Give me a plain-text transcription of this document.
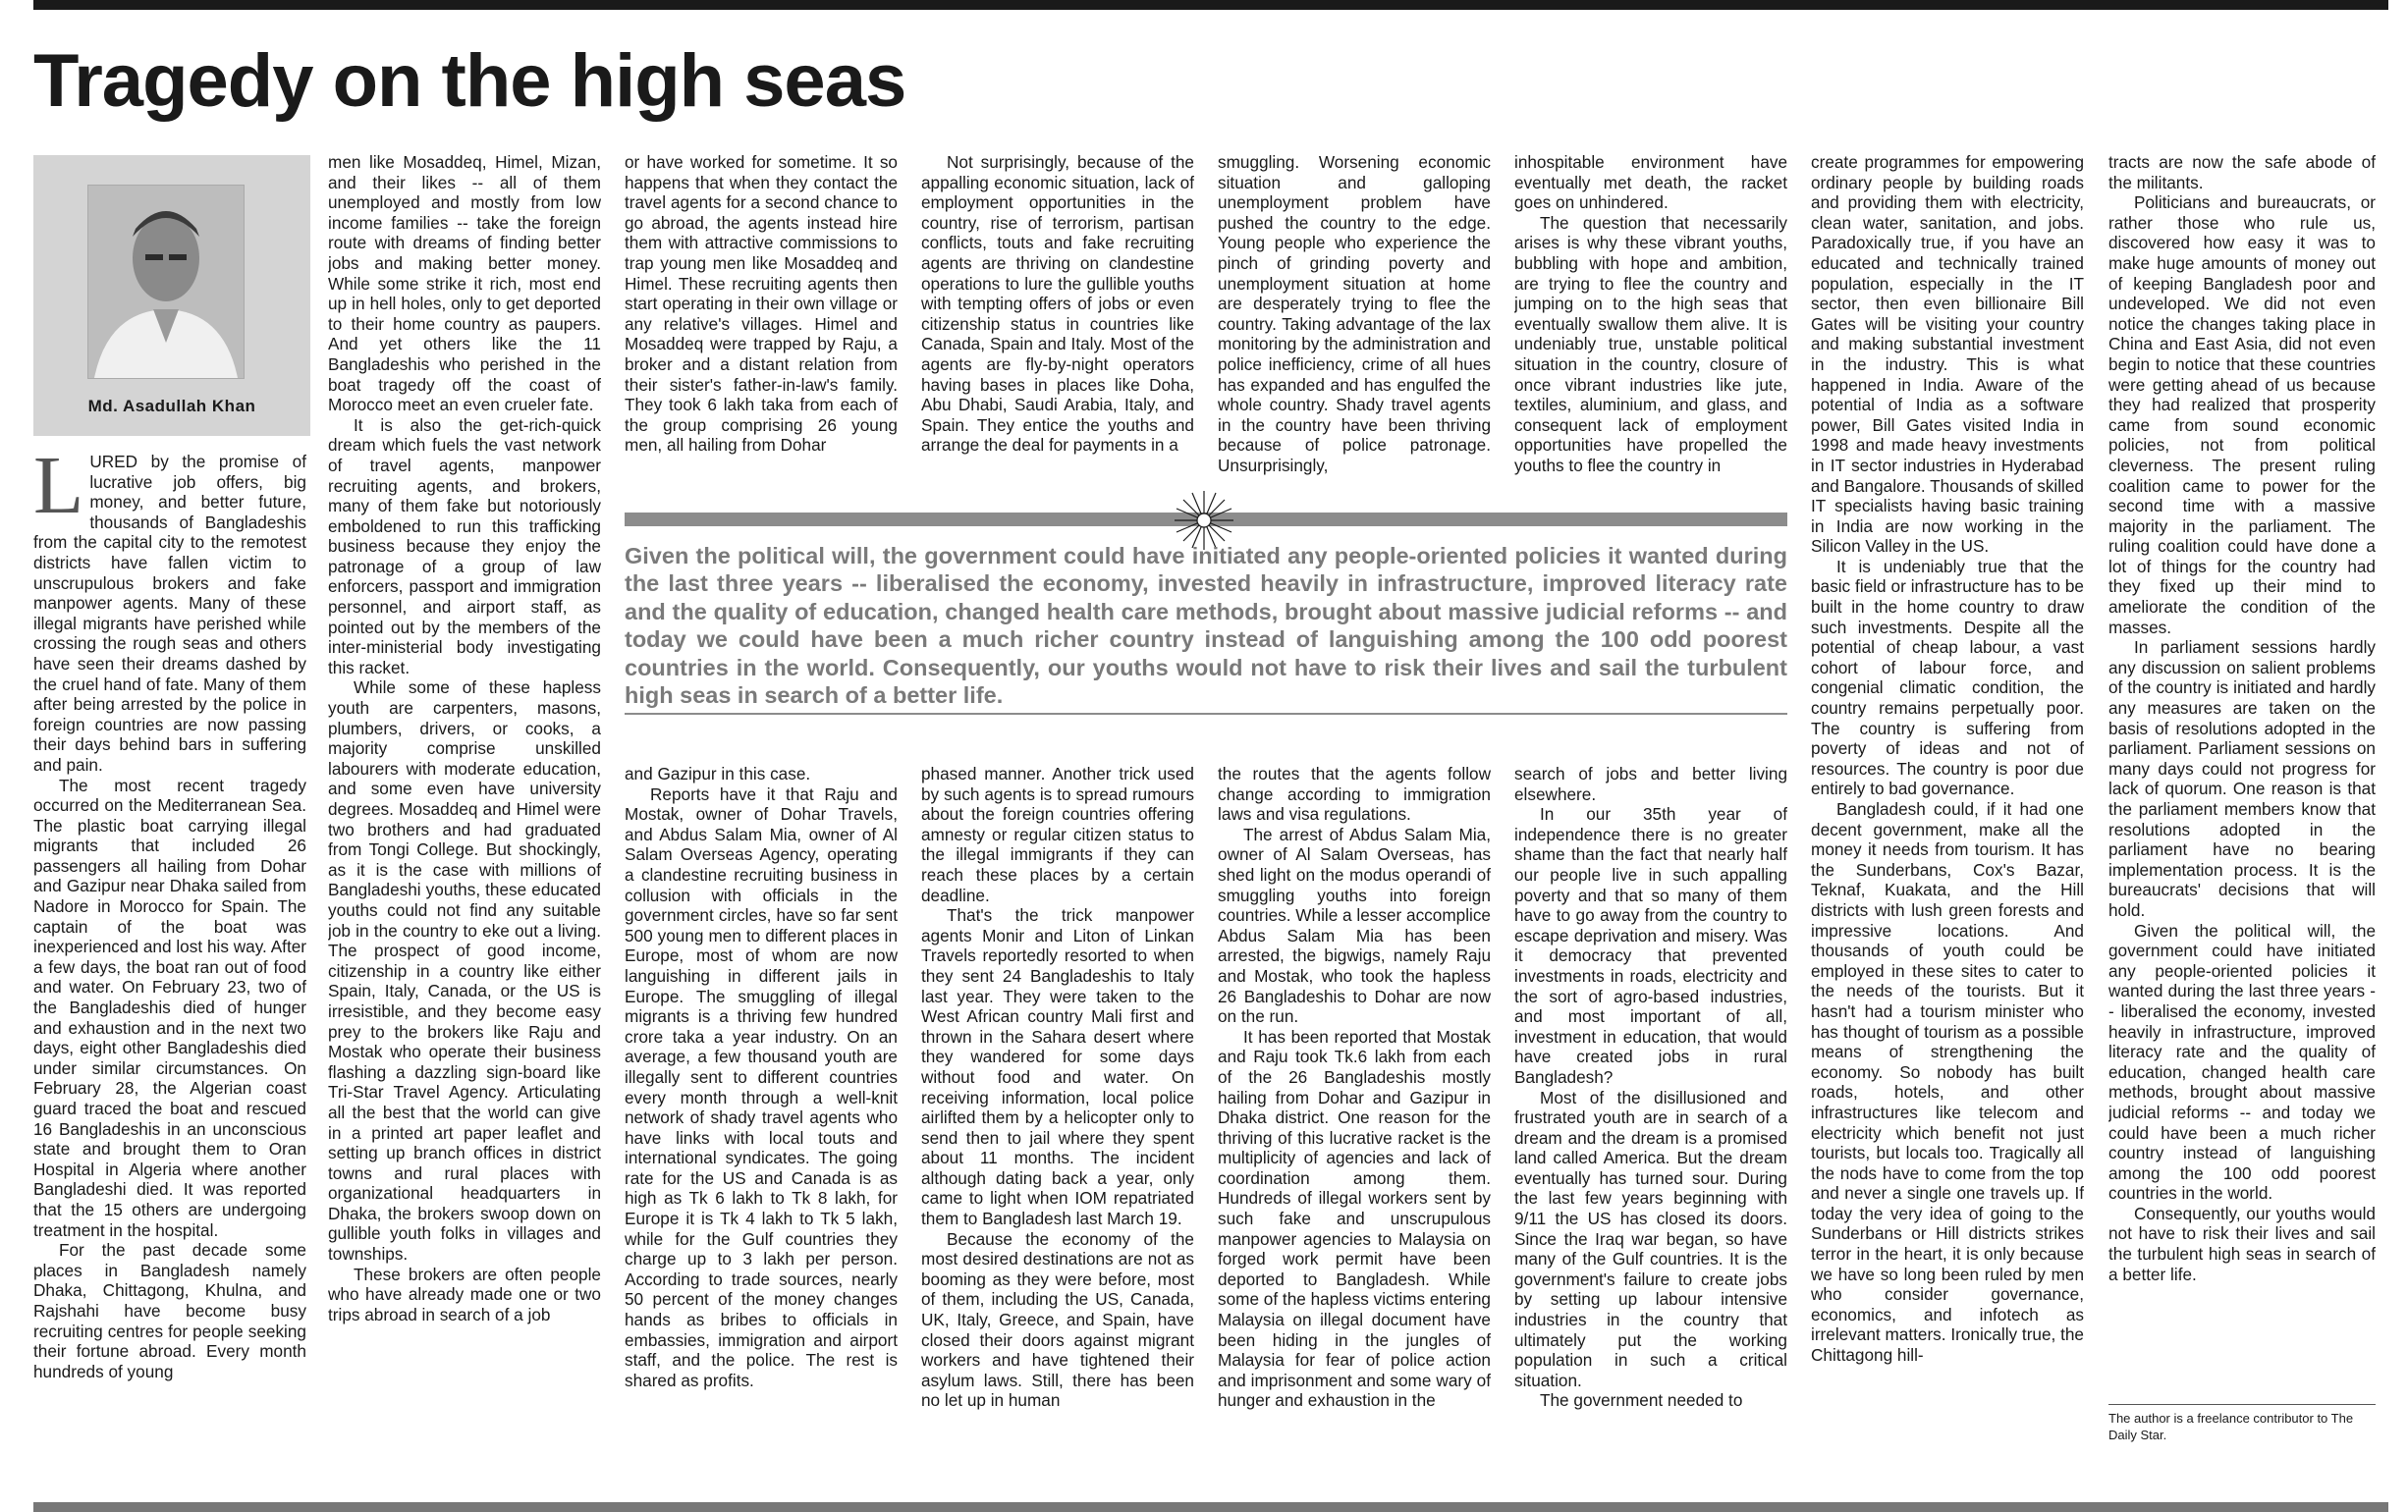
Tragedy on the high seas
Md. Asadullah Khan

LURED by the promise of lucrative job offers, big money, and better future, thousands of Bangladeshis from the capital city to the remotest districts have fallen victim to unscrupulous brokers and fake manpower agents. Many of these illegal migrants have perished while crossing the rough seas and others have seen their dreams dashed by the cruel hand of fate. Many of them after being arrested by the police in foreign countries are now passing their days behind bars in suffering and pain.

The most recent tragedy occurred on the Mediterranean Sea. The plastic boat carrying illegal migrants that included 26 passengers all hailing from Dohar and Gazipur near Dhaka sailed from Nadore in Morocco for Spain. The captain of the boat was inexperienced and lost his way. After a few days, the boat ran out of food and water. On February 23, two of the Bangladeshis died of hunger and exhaustion and in the next two days, eight other Bangladeshis died under similar circumstances. On February 28, the Algerian coast guard traced the boat and rescued 16 Bangladeshis in an unconscious state and brought them to Oran Hospital in Algeria where another Bangladeshi died. It was reported that the 15 others are undergoing treatment in the hospital.

For the past decade some places in Bangladesh namely Dhaka, Chittagong, Khulna, and Rajshahi have become busy recruiting centres for people seeking their fortune abroad. Every month hundreds of young

men like Mosaddeq, Himel, Mizan, and their likes -- all of them unemployed and mostly from low income families -- take the foreign route with dreams of finding better jobs and making better money. While some strike it rich, most end up in hell holes, only to get deported to their home country as paupers. And yet others like the 11 Bangladeshis who perished in the boat tragedy off the coast of Morocco meet an even crueler fate.

It is also the get-rich-quick dream which fuels the vast network of travel agents, manpower recruiting agents, and brokers, many of them fake but notoriously emboldened to run this trafficking business because they enjoy the patronage of a group of law enforcers, passport and immigration personnel, and airport staff, as pointed out by the members of the inter-ministerial body investigating this racket.

While some of these hapless youth are carpenters, masons, plumbers, drivers, or cooks, a majority comprise unskilled labourers with moderate education, and some even have university degrees. Mosaddeq and Himel were two brothers and had graduated from Tongi College. But shockingly, as it is the case with millions of Bangladeshi youths, these educated youths could not find any suitable job in the country to eke out a living. The prospect of good income, citizenship in a country like either Spain, Italy, Canada, or the US is irresistible, and they become easy prey to the brokers like Raju and Mostak who operate their business flashing a dazzling sign-board like Tri-Star Travel Agency. Articulating all the best that the world can give in a printed art paper leaflet and setting up branch offices in district towns and rural places with organizational headquarters in Dhaka, the brokers swoop down on gullible youth folks in villages and townships.

These brokers are often people who have already made one or two trips abroad in search of a job

or have worked for sometime. It so happens that when they contact the travel agents for a second chance to go abroad, the agents instead hire them with attractive commissions to trap young men like Mosaddeq and Himel. These recruiting agents then start operating in their own village or any relative's villages. Himel and Mosaddeq were trapped by Raju, a broker and a distant relation from their sister's father-in-law's family. They took 6 lakh taka from each of the group comprising 26 young men, all hailing from Dohar

Not surprisingly, because of the appalling economic situation, lack of employment opportunities in the country, rise of terrorism, partisan conflicts, touts and fake recruiting agents are thriving on clandestine operations to lure the gullible youths with tempting offers of jobs or even citizenship status in countries like Canada, Spain and Italy. Most of the agents are fly-by-night operators having bases in places like Doha, Abu Dhabi, Saudi Arabia, Italy, and Spain. They entice the youths and arrange the deal for payments in a

smuggling. Worsening economic situation and galloping unemployment problem have pushed the country to the edge. Young people who experience the pinch of grinding poverty and unemployment situation at home are desperately trying to flee the country. Taking advantage of the lax monitoring by the administration and police inefficiency, crime of all hues has expanded and has engulfed the whole country. Shady travel agents in the country have been thriving because of police patronage. Unsurprisingly,

inhospitable environment have eventually met death, the racket goes on unhindered.

The question that necessarily arises is why these vibrant youths, bubbling with hope and ambition, are trying to flee the country and jumping on to the high seas that eventually swallow them alive. It is undeniably true, unstable political situation in the country, closure of once vibrant industries like jute, textiles, aluminium, and glass, and consequent lack of employment opportunities have propelled the youths to flee the country in

Given the political will, the government could have initiated any people-oriented policies it wanted during the last three years -- liberalised the economy, invested heavily in infrastructure, improved literacy rate and the quality of education, changed health care methods, brought about massive judicial reforms -- and today we could have been a much richer country instead of languishing among the 100 odd poorest countries in the world. Consequently, our youths would not have to risk their lives and sail the turbulent high seas in search of a better life.

and Gazipur in this case.

Reports have it that Raju and Mostak, owner of Dohar Travels, and Abdus Salam Mia, owner of Al Salam Overseas Agency, operating a clandestine recruiting business in collusion with officials in the government circles, have so far sent 500 young men to different places in Europe, most of whom are now languishing in different jails in Europe. The smuggling of illegal migrants is a thriving few hundred crore taka a year industry. On an average, a few thousand youth are illegally sent to different countries every month through a well-knit network of shady travel agents who have links with local touts and international syndicates. The going rate for the US and Canada is as high as Tk 6 lakh to Tk 8 lakh, for Europe it is Tk 4 lakh to Tk 5 lakh, while for the Gulf countries they charge up to 3 lakh per person. According to trade sources, nearly 50 percent of the money changes hands as bribes to officials in embassies, immigration and airport staff, and the police. The rest is shared as profits.

phased manner. Another trick used by such agents is to spread rumours about the foreign countries offering amnesty or regular citizen status to the illegal immigrants if they can reach these places by a certain deadline.

That's the trick manpower agents Monir and Liton of Linkan Travels reportedly resorted to when they sent 24 Bangladeshis to Italy last year. They were taken to the West African country Mali first and thrown in the Sahara desert where they wandered for some days without food and water. On receiving information, local police airlifted them by a helicopter only to send then to jail where they spent about 11 months. The incident although dating back a year, only came to light when IOM repatriated them to Bangladesh last March 19.

Because the economy of the most desired destinations are not as booming as they were before, most of them, including the US, Canada, UK, Italy, Greece, and Spain, have closed their doors against migrant workers and have tightened their asylum laws. Still, there has been no let up in human

the routes that the agents follow change according to immigration laws and visa regulations.

The arrest of Abdus Salam Mia, owner of Al Salam Overseas, has shed light on the modus operandi of smuggling youths into foreign countries. While a lesser accomplice Abdus Salam Mia has been arrested, the bigwigs, namely Raju and Mostak, who took the hapless 26 Bangladeshis to Dohar are now on the run.

It has been reported that Mostak and Raju took Tk.6 lakh from each of the 26 Bangladeshis mostly hailing from Dohar and Gazipur in Dhaka district. One reason for the thriving of this lucrative racket is the multiplicity of agencies and lack of coordination among them. Hundreds of illegal workers sent by such fake and unscrupulous manpower agencies to Malaysia on forged work permit have been deported to Bangladesh. While some of the hapless victims entering Malaysia on illegal document have been hiding in the jungles of Malaysia for fear of police action and imprisonment and some wary of hunger and exhaustion in the

search of jobs and better living elsewhere.

In our 35th year of independence there is no greater shame than the fact that nearly half our people live in such appalling poverty and that so many of them have to go away from the country to escape deprivation and misery. Was it democracy that prevented investments in roads, electricity and the sort of agro-based industries, and most important of all, investment in education, that would have created jobs in rural Bangladesh?

Most of the disillusioned and frustrated youth are in search of a dream and the dream is a promised land called America. But the dream eventually has turned sour. During the last few years beginning with 9/11 the US has closed its doors. Since the Iraq war began, so have many of the Gulf countries. It is the government's failure to create jobs by setting up labour intensive industries in the country that ultimately put the working population in such a critical situation.

The government needed to

create programmes for empowering ordinary people by building roads and providing them with electricity, clean water, sanitation, and jobs. Paradoxically true, if you have an educated and technically trained population, especially in the IT sector, then even billionaire Bill Gates will be visiting your country and making substantial investment in the industry. This is what happened in India. Aware of the potential of India as a software power, Bill Gates visited India in 1998 and made heavy investments in IT sector industries in Hyderabad and Bangalore. Thousands of skilled IT specialists having basic training in India are now working in the Silicon Valley in the US.

It is undeniably true that the basic field or infrastructure has to be built in the home country to draw such investments. Despite all the potential of cheap labour, a vast cohort of labour force, and congenial climatic condition, the country remains perpetually poor. The country is suffering from poverty of ideas and not of resources. The country is poor due entirely to bad governance.

Bangladesh could, if it had one decent government, make all the money it needs from tourism. It has the Sunderbans, Cox's Bazar, Teknaf, Kuakata, and the Hill districts with lush green forests and impressive locations. And thousands of youth could be employed in these sites to cater to the needs of the tourists. But it hasn't had a tourism minister who has thought of tourism as a possible means of strengthening the economy. So nobody has built roads, hotels, and other infrastructures like telecom and electricity which benefit not just tourists, but locals too. Tragically all the nods have to come from the top and never a single one travels up. If today the very idea of going to the Sunderbans or Hill districts strikes terror in the heart, it is only because we have so long been ruled by men who consider governance, economics, and infotech as irrelevant matters. Ironically true, the Chittagong hill-

tracts are now the safe abode of the militants.

Politicians and bureaucrats, or rather those who rule us, discovered how easy it was to make huge amounts of money out of keeping Bangladesh poor and undeveloped. We did not even notice the changes taking place in China and East Asia, did not even begin to notice that these countries were getting ahead of us because they had realized that prosperity came from sound economic policies, not from political cleverness. The present ruling coalition came to power for the second time with a massive majority in the parliament. The ruling coalition could have done a lot of things for the country had they fixed up their mind to ameliorate the condition of the masses.

In parliament sessions hardly any discussion on salient problems of the country is initiated and hardly any measures are taken on the basis of resolutions adopted in the parliament. Parliament sessions on many days could not progress for lack of quorum. One reason is that the parliament members know that resolutions adopted in the parliament have no bearing implementation process. It is the bureaucrats' decisions that will hold.

Given the political will, the government could have initiated any people-oriented policies it wanted during the last three years -- liberalised the economy, invested heavily in infrastructure, improved literacy rate and the quality of education, changed health care methods, brought about massive judicial reforms -- and today we could have been a much richer country instead of languishing among the 100 odd poorest countries in the world.

Consequently, our youths would not have to risk their lives and sail the turbulent high seas in search of a better life.

The author is a freelance contributor to The Daily Star.
